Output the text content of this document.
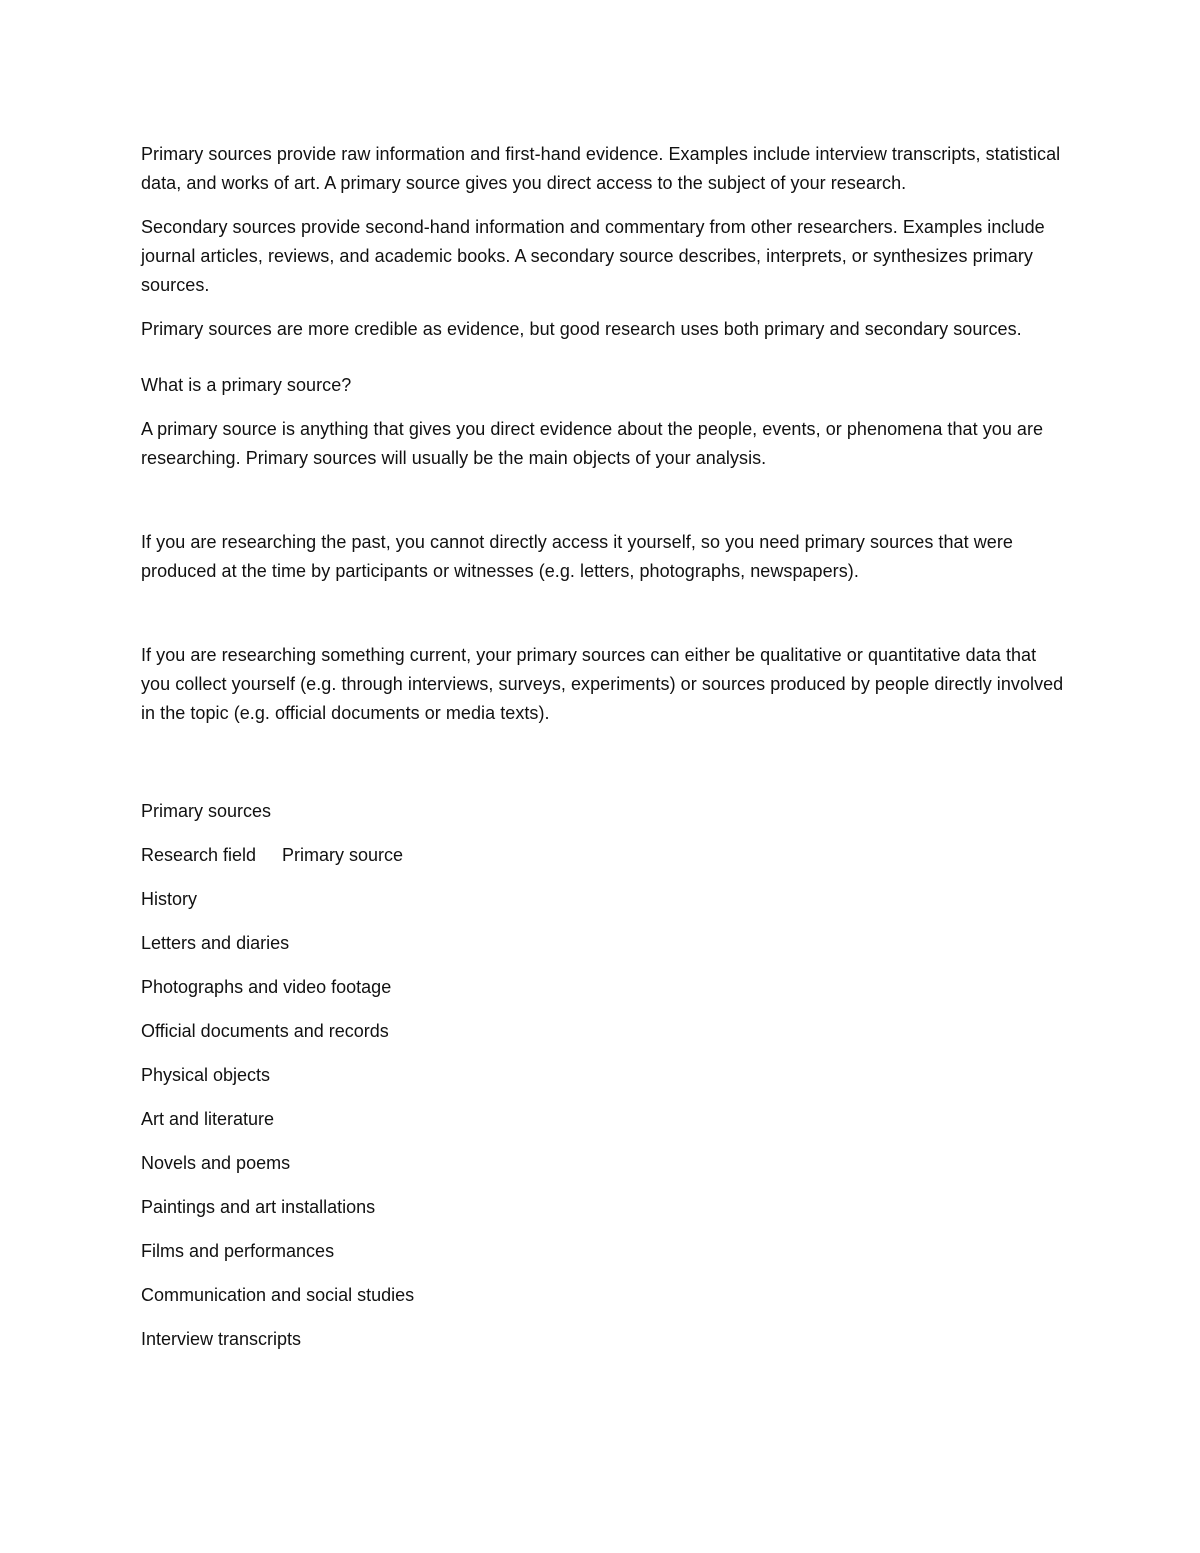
Primary sources provide raw information and first-hand evidence. Examples include interview transcripts, statistical data, and works of art. A primary source gives you direct access to the subject of your research.

Secondary sources provide second-hand information and commentary from other researchers. Examples include journal articles, reviews, and academic books. A secondary source describes, interprets, or synthesizes primary sources.

Primary sources are more credible as evidence, but good research uses both primary and secondary sources.

What is a primary source?

A primary source is anything that gives you direct evidence about the people, events, or phenomena that you are researching. Primary sources will usually be the main objects of your analysis.

If you are researching the past, you cannot directly access it yourself, so you need primary sources that were produced at the time by participants or witnesses (e.g. letters, photographs, newspapers).

If you are researching something current, your primary sources can either be qualitative or quantitative data that you collect yourself (e.g. through interviews, surveys, experiments) or sources produced by people directly involved in the topic (e.g. official documents or media texts).

Primary sources
Research field Primary source
History
Letters and diaries
Photographs and video footage
Official documents and records
Physical objects
Art and literature
Novels and poems
Paintings and art installations
Films and performances
Communication and social studies
Interview transcripts
